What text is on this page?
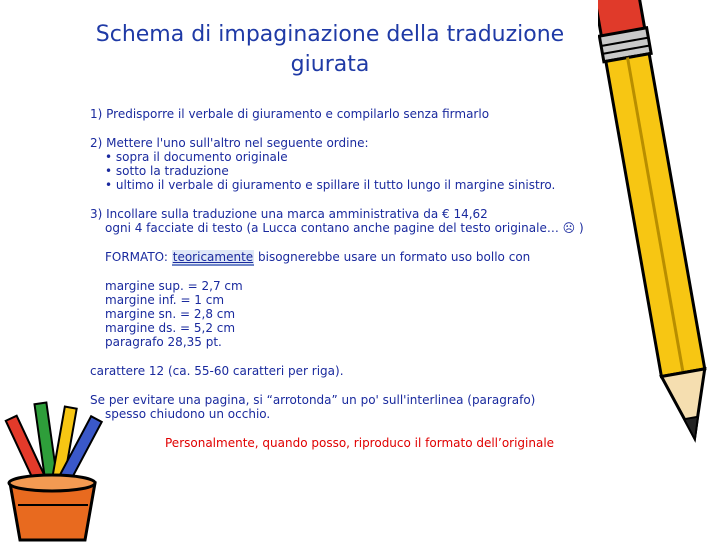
Schema di impaginazione della traduzione
giurata

1) Predisporre il verbale di giuramento e compilarlo senza firmarlo

2) Mettere l'uno sull'altro nel seguente ordine:

• sopra il documento originale

• sotto la traduzione

• ultimo il verbale di giuramento e spillare il tutto lungo il margine sinistro.

3) Incollare sulla traduzione una marca amministrativa da € 14,62

ogni 4 facciate di testo (a Lucca contano anche pagine del testo originale… ☹ )

FORMATO: teoricamente bisognerebbe usare un formato uso bollo con

margine sup. = 2,7 cm

margine inf. = 1 cm

margine sn. = 2,8 cm

margine ds. = 5,2 cm

paragrafo 28,35 pt.

carattere 12 (ca. 55-60 caratteri per riga).

Se per evitare una pagina, si “arrotonda” un po' sull'interlinea (paragrafo)

spesso chiudono un occhio.

Personalmente, quando posso, riproduco il formato dell’originale
